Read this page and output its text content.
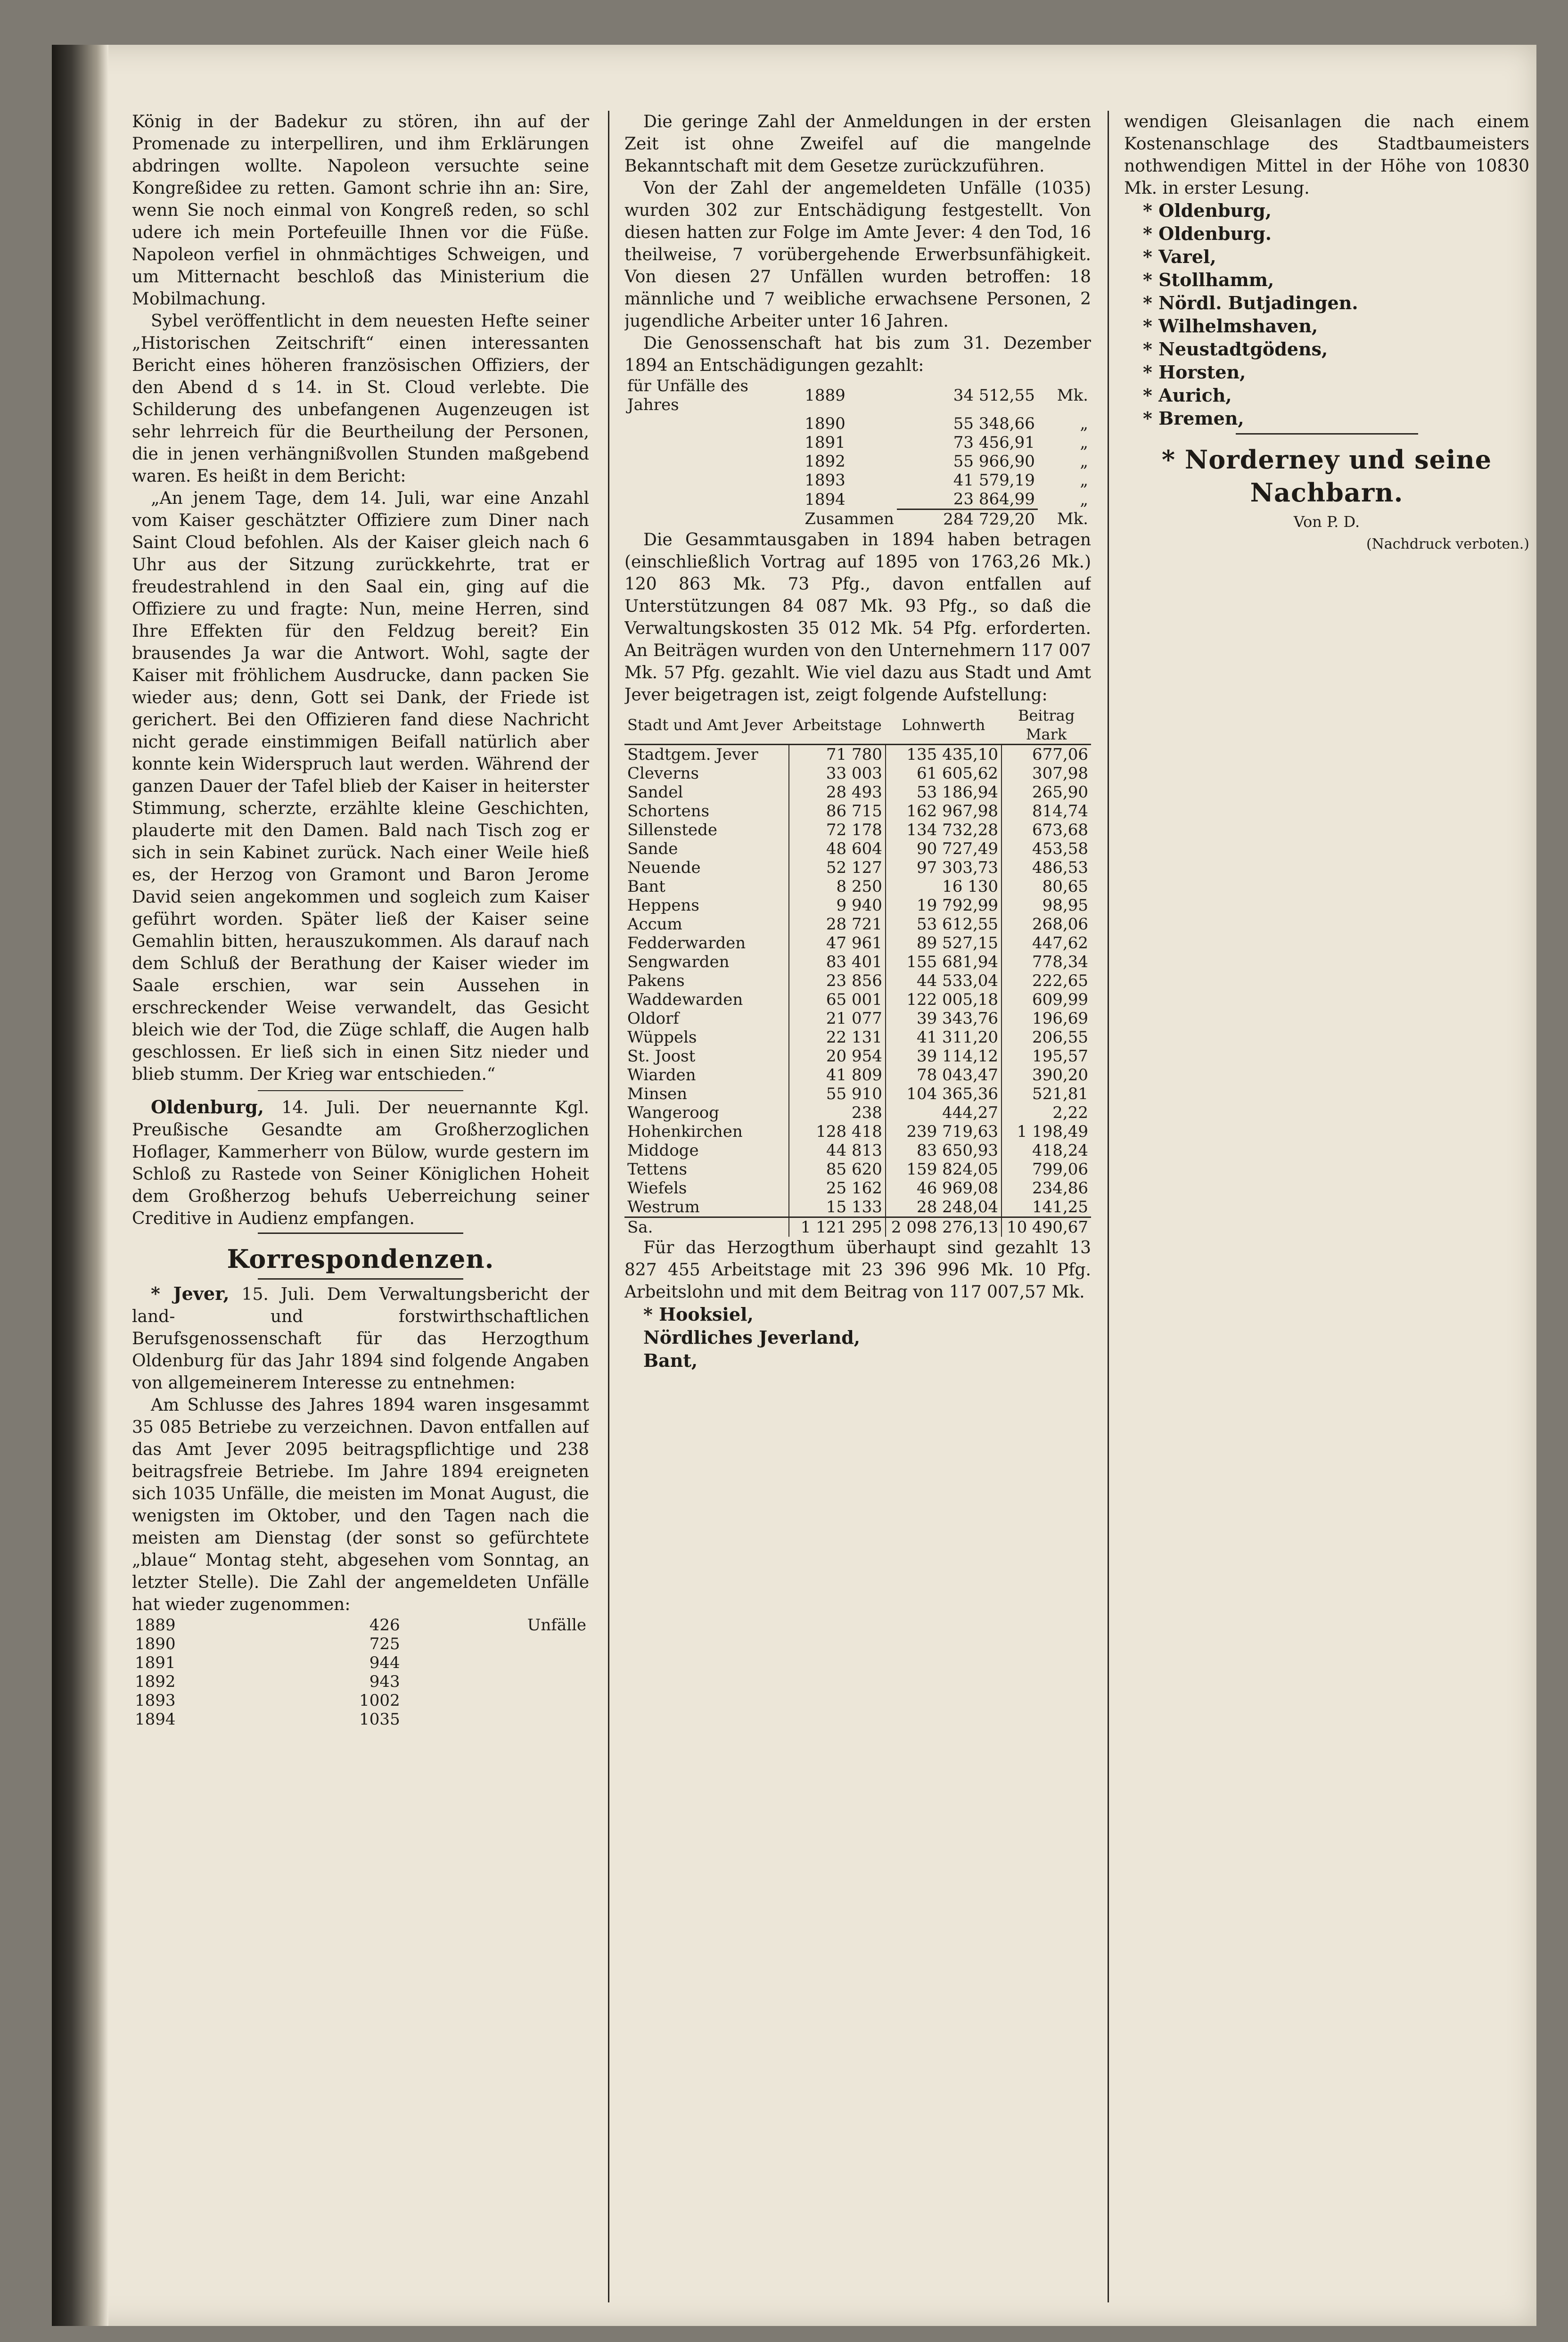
König in der Badekur zu stören, ihn auf der Promenade zu interpelliren, und ihm Erklärungen abdringen wollte. Napoleon versuchte seine Kongreßidee zu retten. Gamont schrie ihn an: Sire, wenn Sie noch einmal von Kongreß reden, so schl udere ich mein Portefeuille Ihnen vor die Füße. Napoleon verfiel in ohnmächtiges Schweigen, und um Mitternacht beschloß das Ministerium die Mobilmachung.

Sybel veröffentlicht in dem neuesten Hefte seiner „Historischen Zeitschrift“ einen interessanten Bericht eines höheren französischen Offiziers, der den Abend d s 14. in St. Cloud verlebte. Die Schilderung des unbefangenen Augenzeugen ist sehr lehrreich für die Beurtheilung der Personen, die in jenen verhängnißvollen Stunden maßgebend waren. Es heißt in dem Bericht:

„An jenem Tage, dem 14. Juli, war eine Anzahl vom Kaiser geschätzter Offiziere zum Diner nach Saint Cloud befohlen. Als der Kaiser gleich nach 6 Uhr aus der Sitzung zurückkehrte, trat er freudestrahlend in den Saal ein, ging auf die Offiziere zu und fragte: Nun, meine Herren, sind Ihre Effekten für den Feldzug bereit? Ein brausendes Ja war die Antwort. Wohl, sagte der Kaiser mit fröhlichem Ausdrucke, dann packen Sie wieder aus; denn, Gott sei Dank, der Friede ist gerichert. Bei den Offizieren fand diese Nachricht nicht gerade einstimmigen Beifall natürlich aber konnte kein Widerspruch laut werden. Während der ganzen Dauer der Tafel blieb der Kaiser in heiterster Stimmung, scherzte, erzählte kleine Geschichten, plauderte mit den Damen. Bald nach Tisch zog er sich in sein Kabinet zurück. Nach einer Weile hieß es, der Herzog von Gramont und Baron Jerome David seien angekommen und sogleich zum Kaiser geführt worden. Später ließ der Kaiser seine Gemahlin bitten, herauszukommen. Als darauf nach dem Schluß der Berathung der Kaiser wieder im Saale erschien, war sein Aussehen in erschreckender Weise verwandelt, das Gesicht bleich wie der Tod, die Züge schlaff, die Augen halb geschlossen. Er ließ sich in einen Sitz nieder und blieb stumm. Der Krieg war entschieden.“

Oldenburg, 14. Juli. Der neuernannte Kgl. Preußische Gesandte am Großherzoglichen Hoflager, Kammerherr von Bülow, wurde gestern im Schloß zu Rastede von Seiner Königlichen Hoheit dem Großherzog behufs Ueberreichung seiner Creditive in Audienz empfangen.

Korrespondenzen.

* Jever, 15. Juli. Dem Verwaltungsbericht der land- und forstwirthschaftlichen Berufsgenossenschaft für das Herzogthum Oldenburg für das Jahr 1894 sind folgende Angaben von allgemeinerem Interesse zu entnehmen:

Am Schlusse des Jahres 1894 waren insgesammt 35 085 Betriebe zu verzeichnen. Davon entfallen auf das Amt Jever 2095 beitragspflichtige und 238 beitragsfreie Betriebe. Im Jahre 1894 ereigneten sich 1035 Unfälle, die meisten im Monat August, die wenigsten im Oktober, und den Tagen nach die meisten am Dienstag (der sonst so gefürchtete „blaue“ Montag steht, abgesehen vom Sonntag, an letzter Stelle). Die Zahl der angemeldeten Unfälle hat wieder zugenommen:

1889	426	Unfälle
1890	725	
1891	944	
1892	943	
1893	1002	
1894	1035	

Die geringe Zahl der Anmeldungen in der ersten Zeit ist ohne Zweifel auf die mangelnde Bekanntschaft mit dem Gesetze zurückzuführen.

Von der Zahl der angemeldeten Unfälle (1035) wurden 302 zur Entschädigung festgestellt. Von diesen hatten zur Folge im Amte Jever: 4 den Tod, 16 theilweise, 7 vorübergehende Erwerbsunfähigkeit. Von diesen 27 Unfällen wurden betroffen: 18 männliche und 7 weibliche erwachsene Personen, 2 jugendliche Arbeiter unter 16 Jahren.

Die Genossenschaft hat bis zum 31. Dezember 1894 an Entschädigungen gezahlt:

für Unfälle des Jahres	1889	34 512,55	Mk.
	1890	55 348,66	„
	1891	73 456,91	„
	1892	55 966,90	„
	1893	41 579,19	„
	1894	23 864,99	„
	Zusammen	284 729,20	Mk.

Die Gesammtausgaben in 1894 haben betragen (einschließlich Vortrag auf 1895 von 1763,26 Mk.) 120 863 Mk. 73 Pfg., davon entfallen auf Unterstützungen 84 087 Mk. 93 Pfg., so daß die Verwaltungskosten 35 012 Mk. 54 Pfg. erforderten. An Beiträgen wurden von den Unternehmern 117 007 Mk. 57 Pfg. gezahlt. Wie viel dazu aus Stadt und Amt Jever beigetragen ist, zeigt folgende Aufstellung:

Stadt und Amt Jever	Arbeitstage	Lohnwerth	Beitrag
Mark
Stadtgem. Jever	71 780	135 435,10	677,06
Cleverns	33 003	61 605,62	307,98
Sandel	28 493	53 186,94	265,90
Schortens	86 715	162 967,98	814,74
Sillenstede	72 178	134 732,28	673,68
Sande	48 604	90 727,49	453,58
Neuende	52 127	97 303,73	486,53
Bant	8 250	16 130	80,65
Heppens	9 940	19 792,99	98,95
Accum	28 721	53 612,55	268,06
Fedderwarden	47 961	89 527,15	447,62
Sengwarden	83 401	155 681,94	778,34
Pakens	23 856	44 533,04	222,65
Waddewarden	65 001	122 005,18	609,99
Oldorf	21 077	39 343,76	196,69
Wüppels	22 131	41 311,20	206,55
St. Joost	20 954	39 114,12	195,57
Wiarden	41 809	78 043,47	390,20
Minsen	55 910	104 365,36	521,81
Wangeroog	238	444,27	2,22
Hohenkirchen	128 418	239 719,63	1 198,49
Middoge	44 813	83 650,93	418,24
Tettens	85 620	159 824,05	799,06
Wiefels	25 162	46 969,08	234,86
Westrum	15 133	28 248,04	141,25
Sa.	1 121 295	2 098 276,13	10 490,67

Für das Herzogthum überhaupt sind gezahlt 13 827 455 Arbeitstage mit 23 396 996 Mk. 10 Pfg. Arbeitslohn und mit dem Beitrag von 117 007,57 Mk.

* Hooksiel,

Nördliches Jeverland,

Bant,

wendigen Gleisanlagen die nach einem Kostenanschlage des Stadtbaumeisters nothwendigen Mittel in der Höhe von 10830 Mk. in erster Lesung.

* Oldenburg,

* Oldenburg.

* Varel,

* Stollhamm,

* Nördl. Butjadingen.

* Wilhelmshaven,

* Neustadtgödens,

* Horsten,

* Aurich,

* Bremen,

* Norderney und seine Nachbarn.
Von P. D.
(Nachdruck verboten.)
